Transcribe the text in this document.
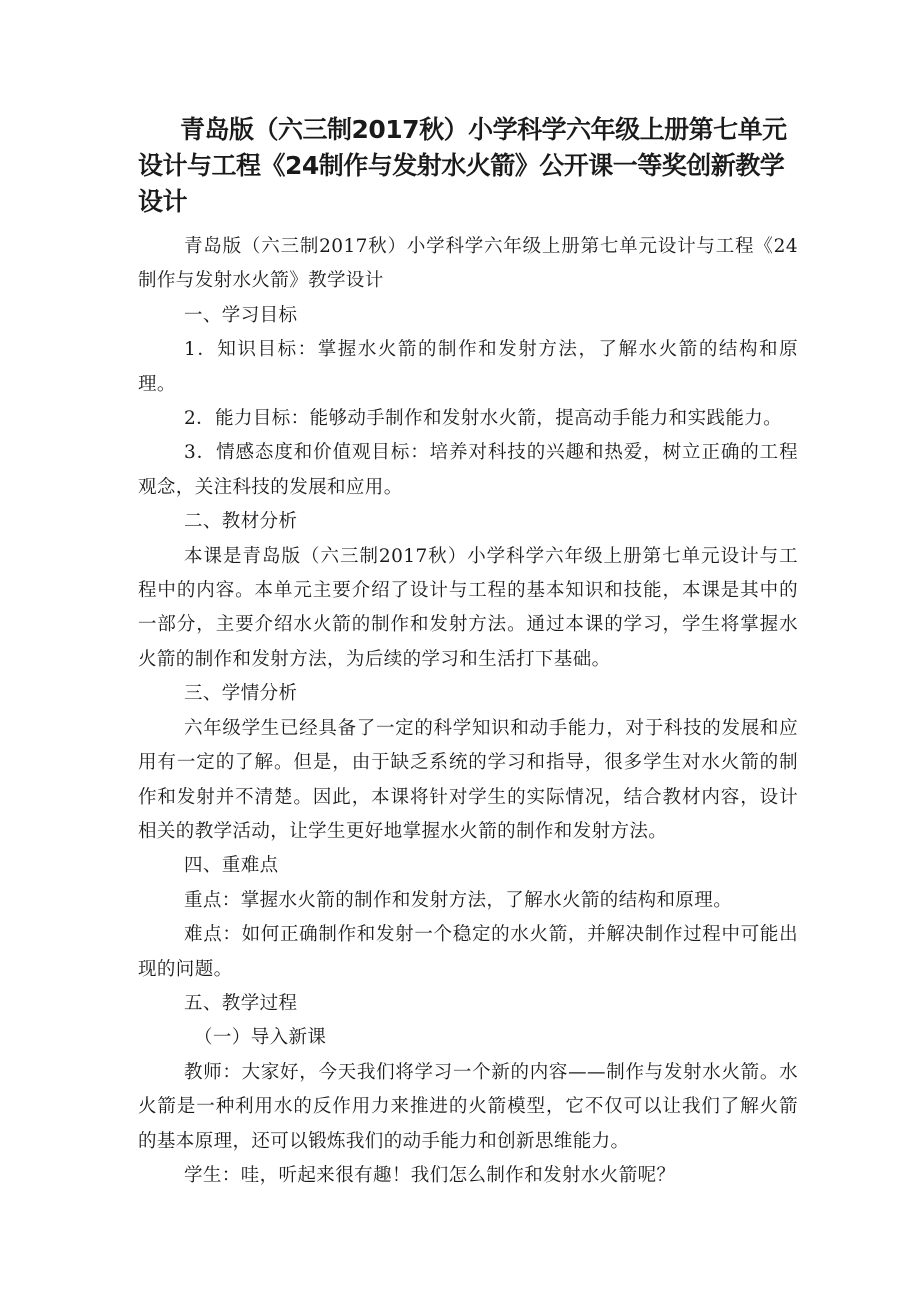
青岛版（六三制2017秋）小学科学六年级上册第七单元设计与工程《24制作与发射水火箭》公开课一等奖创新教学设计

青岛版（六三制2017秋）小学科学六年级上册第七单元设计与工程《24制作与发射水火箭》教学设计

一、学习目标

1．知识目标：掌握水火箭的制作和发射方法，了解水火箭的结构和原理。

2．能力目标：能够动手制作和发射水火箭，提高动手能力和实践能力。

3．情感态度和价值观目标：培养对科技的兴趣和热爱，树立正确的工程观念，关注科技的发展和应用。

二、教材分析

本课是青岛版（六三制2017秋）小学科学六年级上册第七单元设计与工程中的内容。本单元主要介绍了设计与工程的基本知识和技能，本课是其中的一部分，主要介绍水火箭的制作和发射方法。通过本课的学习，学生将掌握水火箭的制作和发射方法，为后续的学习和生活打下基础。

三、学情分析

六年级学生已经具备了一定的科学知识和动手能力，对于科技的发展和应用有一定的了解。但是，由于缺乏系统的学习和指导，很多学生对水火箭的制作和发射并不清楚。因此，本课将针对学生的实际情况，结合教材内容，设计相关的教学活动，让学生更好地掌握水火箭的制作和发射方法。

四、重难点

重点：掌握水火箭的制作和发射方法，了解水火箭的结构和原理。

难点：如何正确制作和发射一个稳定的水火箭，并解决制作过程中可能出现的问题。

五、教学过程

（一）导入新课

教师：大家好，今天我们将学习一个新的内容——制作与发射水火箭。水火箭是一种利用水的反作用力来推进的火箭模型，它不仅可以让我们了解火箭的基本原理，还可以锻炼我们的动手能力和创新思维能力。

学生：哇，听起来很有趣！我们怎么制作和发射水火箭呢？
